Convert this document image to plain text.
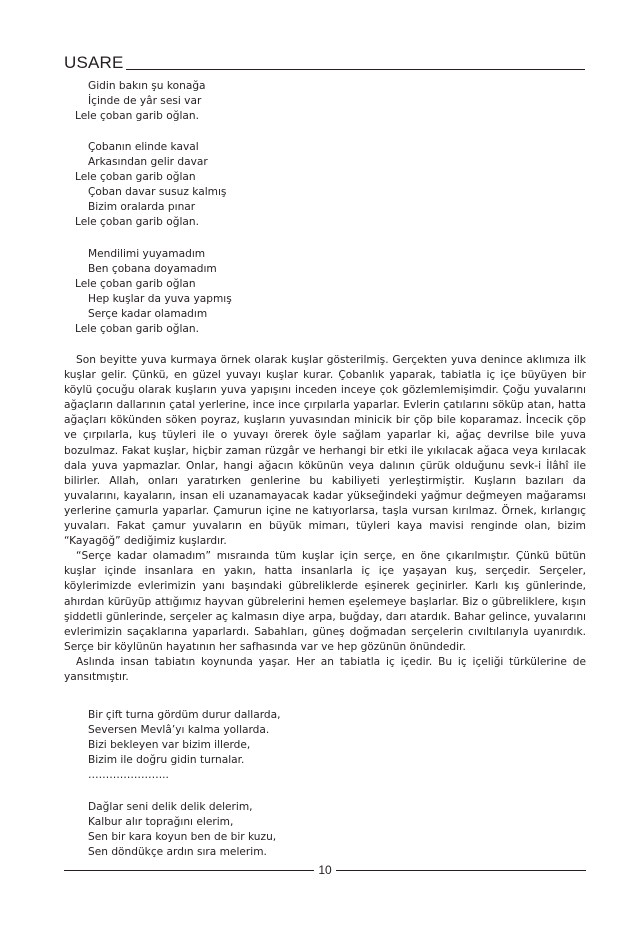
USARE
Gidin bakın şu konağa
İçinde de yâr sesi var
Lele çoban garib oğlan.
Çobanın elinde kaval
Arkasından gelir davar
Lele çoban garib oğlan
Çoban davar susuz kalmış
Bizim oralarda pınar
Lele çoban garib oğlan.
Mendilimi yuyamadım
Ben çobana doyamadım
Lele çoban garib oğlan
Hep kuşlar da yuva yapmış
Serçe kadar olamadım
Lele çoban garib oğlan.

Son beyitte yuva kurmaya örnek olarak kuşlar gösterilmiş. Gerçekten yuva denince aklımıza ilk kuşlar gelir. Çünkü, en güzel yuvayı kuşlar kurar. Çobanlık yaparak, tabiatla iç içe büyüyen bir köylü çocuğu olarak kuşların yuva yapışını inceden inceye çok gözlemlemişimdir. Çoğu yuvalarını ağaçların dallarının çatal yerlerine, ince ince çırpılarla yaparlar. Evlerin çatılarını söküp atan, hatta ağaçları kökünden söken poyraz, kuşların yuvasından minicik bir çöp bile koparamaz. İncecik çöp ve çırpılarla, kuş tüyleri ile o yuvayı örerek öyle sağlam yaparlar ki, ağaç devrilse bile yuva bozulmaz. Fakat kuşlar, hiçbir zaman rüzgâr ve herhangi bir etki ile yıkılacak ağaca veya kırılacak dala yuva yapmazlar. Onlar, hangi ağacın kökünün veya dalının çürük olduğunu sevk-i İlâhî ile bilirler. Allah, onları yaratırken genlerine bu kabiliyeti yerleştirmiştir. Kuşların bazıları da yuvalarını, kayaların, insan eli uzanamayacak kadar yükseğindeki yağmur değmeyen mağaramsı yerlerine çamurla yaparlar. Çamurun içine ne katıyorlarsa, taşla vursan kırılmaz. Örnek, kırlangıç yuvaları. Fakat çamur yuvaların en büyük mimarı, tüyleri kaya mavisi renginde olan, bizim “Kayagöğ” dediğimiz kuşlardır.

“Serçe kadar olamadım” mısraında tüm kuşlar için serçe, en öne çıkarılmıştır. Çünkü bütün kuşlar içinde insanlara en yakın, hatta insanlarla iç içe yaşayan kuş, serçedir. Serçeler, köylerimizde evlerimizin yanı başındaki gübreliklerde eşinerek geçinirler. Karlı kış günlerinde, ahırdan kürüyüp attığımız hayvan gübrelerini hemen eşelemeye başlarlar. Biz o gübreliklere, kışın şiddetli günlerinde, serçeler aç kalmasın diye arpa, buğday, darı atardık. Bahar gelince, yuvalarını evlerimizin saçaklarına yaparlardı. Sabahları, güneş doğmadan serçelerin cıvıltılarıyla uyanırdık. Serçe bir köylünün hayatının her safhasında var ve hep gözünün önündedir.

Aslında insan tabiatın koynunda yaşar. Her an tabiatla iç içedir. Bu iç içeliği türkülerine de yansıtmıştır.

Bir çift turna gördüm durur dallarda,
Seversen Mevlâ’yı kalma yollarda.
Bizi bekleyen var bizim illerde,
Bizim ile doğru gidin turnalar.
…………………..
Dağlar seni delik delik delerim,
Kalbur alır toprağını elerim,
Sen bir kara koyun ben de bir kuzu,
Sen döndükçe ardın sıra melerim.
10
